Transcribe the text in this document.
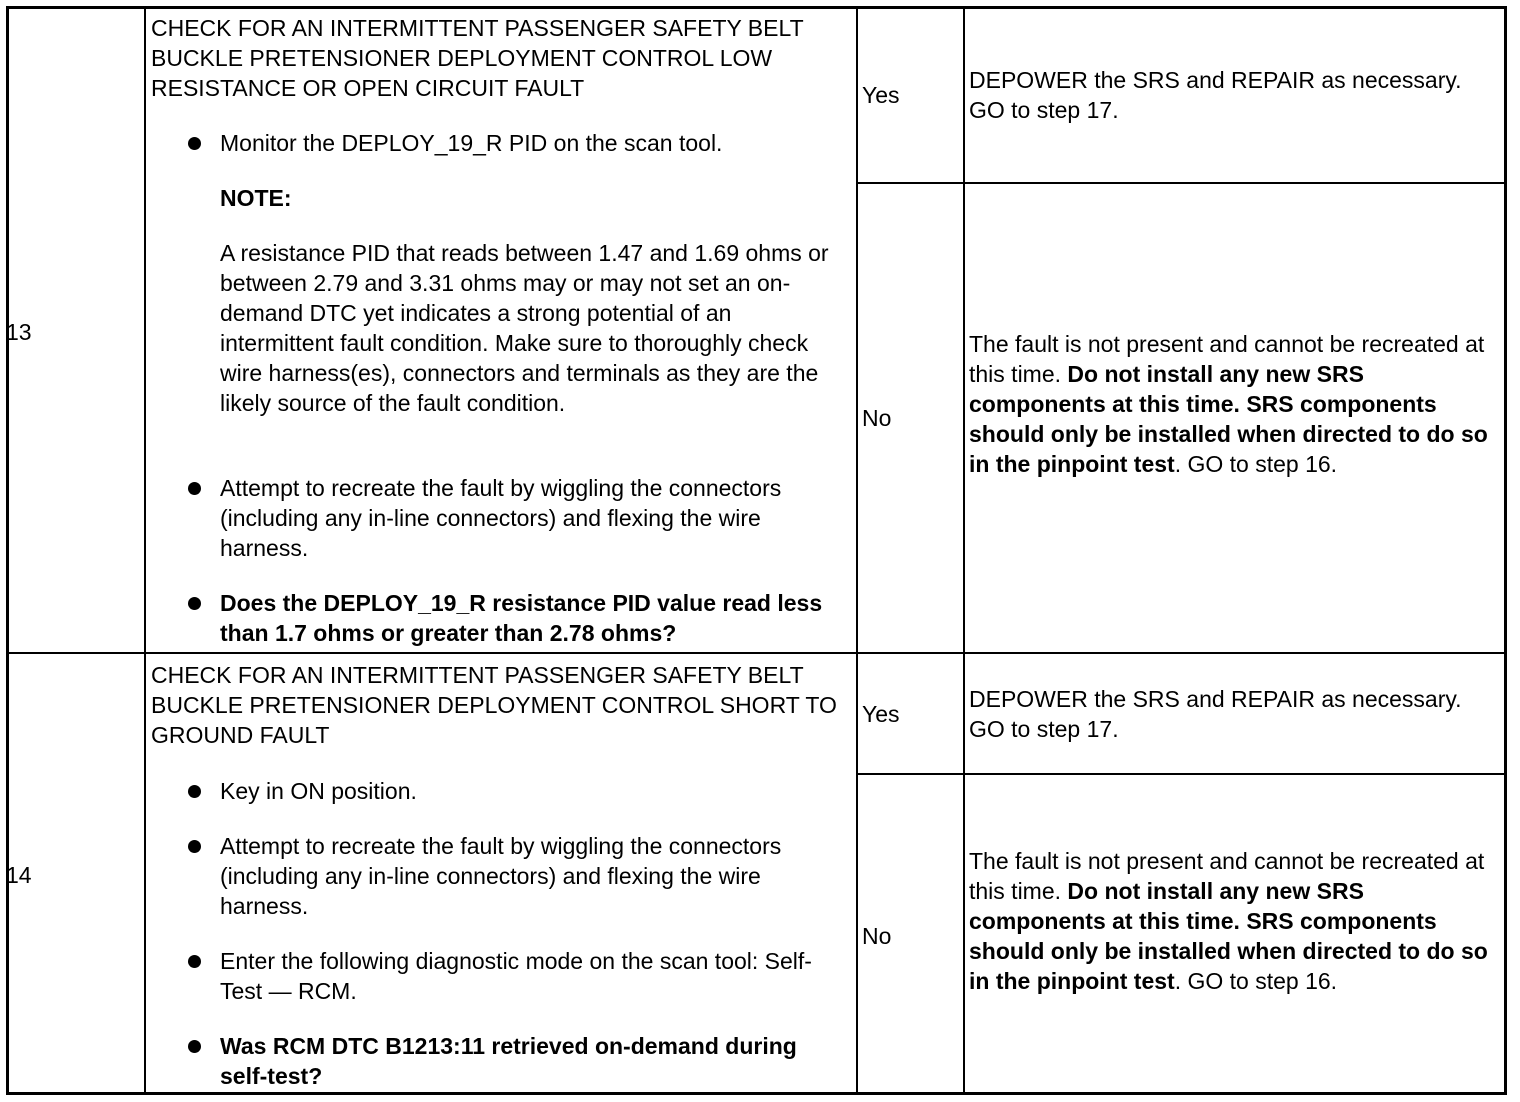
13
CHECK FOR AN INTERMITTENT PASSENGER SAFETY BELT BUCKLE PRETENSIONER DEPLOYMENT CONTROL LOW RESISTANCE OR OPEN CIRCUIT FAULT
Monitor the DEPLOY_19_R PID on the scan tool.
NOTE:
A resistance PID that reads between 1.47 and 1.69 ohms or between 2.79 and 3.31 ohms may or may not set an on-demand DTC yet indicates a strong potential of an intermittent fault condition. Make sure to thoroughly check wire harness(es), connectors and terminals as they are the likely source of the fault condition.
Attempt to recreate the fault by wiggling the connectors (including any in-line connectors) and flexing the wire harness.
Does the DEPLOY_19_R resistance PID value read less than 1.7 ohms or greater than 2.78 ohms?
Yes
DEPOWER the SRS and REPAIR as necessary. GO to step 17.
No
The fault is not present and cannot be recreated at this time. Do not install any new SRS components at this time. SRS components should only be installed when directed to do so in the pinpoint test. GO to step 16.
14
CHECK FOR AN INTERMITTENT PASSENGER SAFETY BELT BUCKLE PRETENSIONER DEPLOYMENT CONTROL SHORT TO GROUND FAULT
Key in ON position.
Attempt to recreate the fault by wiggling the connectors (including any in-line connectors) and flexing the wire harness.
Enter the following diagnostic mode on the scan tool: Self-Test — RCM.
Was RCM DTC B1213:11 retrieved on-demand during self-test?
Yes
DEPOWER the SRS and REPAIR as necessary. GO to step 17.
No
The fault is not present and cannot be recreated at this time. Do not install any new SRS components at this time. SRS components should only be installed when directed to do so in the pinpoint test. GO to step 16.
